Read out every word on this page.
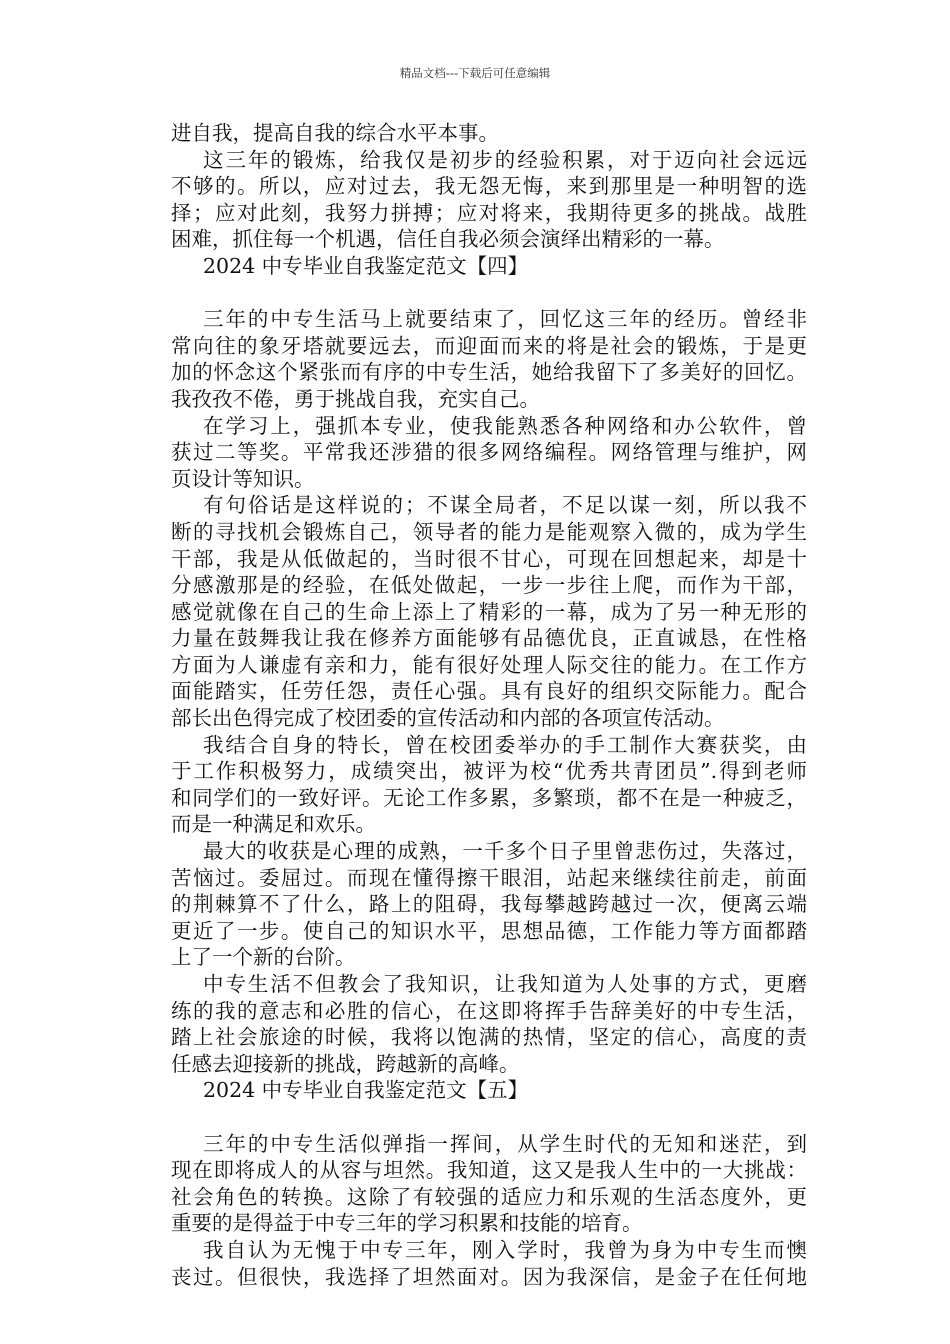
精品文档---下载后可任意编辑
进自我，提高自我的综合水平本事。
这三年的锻炼，给我仅是初步的经验积累，对于迈向社会远远
不够的。所以，应对过去，我无怨无悔，来到那里是一种明智的选
择；应对此刻，我努力拼搏；应对将来，我期待更多的挑战。战胜
困难，抓住每一个机遇，信任自我必须会演绎出精彩的一幕。
2024 中专毕业自我鉴定范文【四】
三年的中专生活马上就要结束了，回忆这三年的经历。曾经非
常向往的象牙塔就要远去，而迎面而来的将是社会的锻炼，于是更
加的怀念这个紧张而有序的中专生活，她给我留下了多美好的回忆。
我孜孜不倦，勇于挑战自我，充实自己。
在学习上，强抓本专业，使我能熟悉各种网络和办公软件，曾
获过二等奖。平常我还涉猎的很多网络编程。网络管理与维护，网
页设计等知识。
有句俗话是这样说的；不谋全局者，不足以谋一刻，所以我不
断的寻找机会锻炼自己，领导者的能力是能观察入微的，成为学生
干部，我是从低做起的，当时很不甘心，可现在回想起来，却是十
分感激那是的经验，在低处做起，一步一步往上爬，而作为干部，
感觉就像在自己的生命上添上了精彩的一幕，成为了另一种无形的
力量在鼓舞我让我在修养方面能够有品德优良，正直诚恳，在性格
方面为人谦虚有亲和力，能有很好处理人际交往的能力。在工作方
面能踏实，任劳任怨，责任心强。具有良好的组织交际能力。配合
部长出色得完成了校团委的宣传活动和内部的各项宣传活动。
我结合自身的特长，曾在校团委举办的手工制作大赛获奖，由
于工作积极努力，成绩突出，被评为校“优秀共青团员”.得到老师
和同学们的一致好评。无论工作多累，多繁琐，都不在是一种疲乏，
而是一种满足和欢乐。
最大的收获是心理的成熟，一千多个日子里曾悲伤过，失落过，
苦恼过。委屈过。而现在懂得擦干眼泪，站起来继续往前走，前面
的荆棘算不了什么，路上的阻碍，我每攀越跨越过一次，便离云端
更近了一步。使自己的知识水平，思想品德，工作能力等方面都踏
上了一个新的台阶。
中专生活不但教会了我知识，让我知道为人处事的方式，更磨
练的我的意志和必胜的信心，在这即将挥手告辞美好的中专生活，
踏上社会旅途的时候，我将以饱满的热情，坚定的信心，高度的责
任感去迎接新的挑战，跨越新的高峰。
2024 中专毕业自我鉴定范文【五】
三年的中专生活似弹指一挥间，从学生时代的无知和迷茫，到
现在即将成人的从容与坦然。我知道，这又是我人生中的一大挑战：
社会角色的转换。这除了有较强的适应力和乐观的生活态度外，更
重要的是得益于中专三年的学习积累和技能的培育。
我自认为无愧于中专三年，刚入学时，我曾为身为中专生而懊
丧过。但很快，我选择了坦然面对。因为我深信，是金子在任何地
